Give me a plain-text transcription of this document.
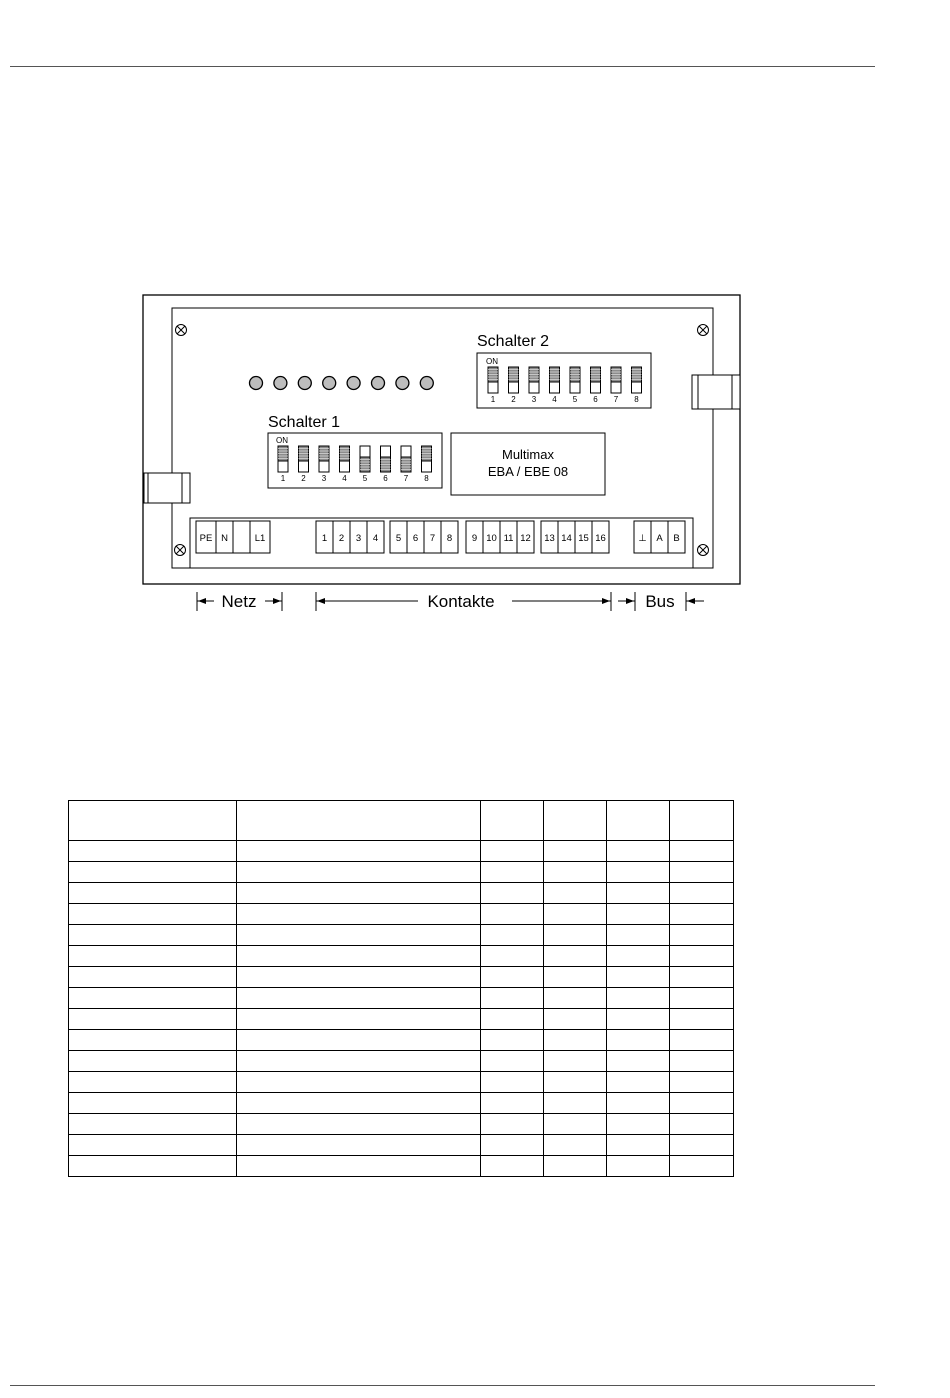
Schalter 2
ON
1 2 3 4 5 6 7 8
Schalter 1
ON
1 2 3 4 5 6 7 8
Multimax
EBA / EBE 08
PE N	L1	1 2 3 4 5 6 7 8 9 10 11 12 13 14 15 16	⊥ A B
Netz	Kontakte	Bus
